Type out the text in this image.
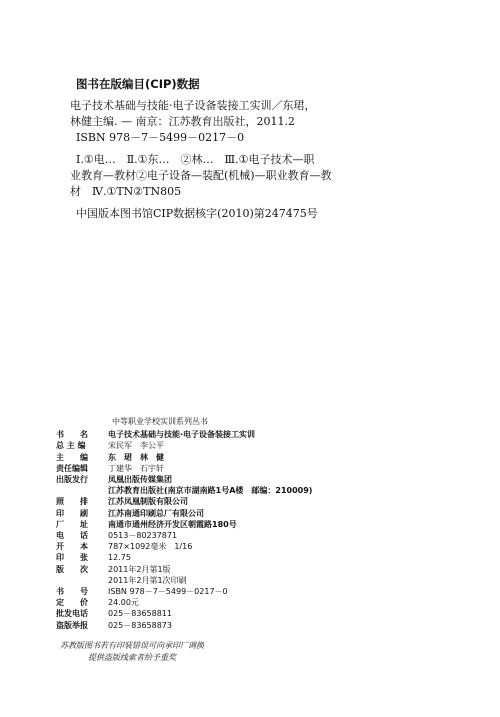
图书在版编目(CIP)数据

电子技术基础与技能·电子设备装接工实训／东珺，

林健主编. — 南京：江苏教育出版社，2011.2

ISBN 978－7－5499－0217－0

Ⅰ.①电…　Ⅱ.①东…　②林…　Ⅲ.①电子技术—职

业教育—教材②电子设备—装配(机械)—职业教育—教

材　Ⅳ.①TN②TN805

中国版本图书馆CIP数据核字(2010)第247475号

中等职业学校实训系列丛书
书　　名	电子技术基础与技能·电子设备装接工实训
总 主 编	宋民军　李公平
主　　编	东　珺　林　健
责任编辑	丁建华　石宇轩
出版发行	凤凰出版传媒集团
江苏教育出版社(南京市湖南路1号A楼　邮编：210009)
照　　排	江苏凤凰制版有限公司
印　　刷	江苏南通印刷总厂有限公司
厂　　址	南通市通州经济开发区朝霞路180号
电　　话	0513－80237871
开　　本	787×1092毫米　1/16
印　　张	12.75
版　　次	2011年2月第1版
2011年2月第1次印刷
书　　号	ISBN 978－7－5499－0217－0
定　　价	24.00元
批发电话	025－83658811
盗版举报	025－83658873
苏教版图书若有印装错误可向承印厂调换
提供盗版线索者给予重奖
